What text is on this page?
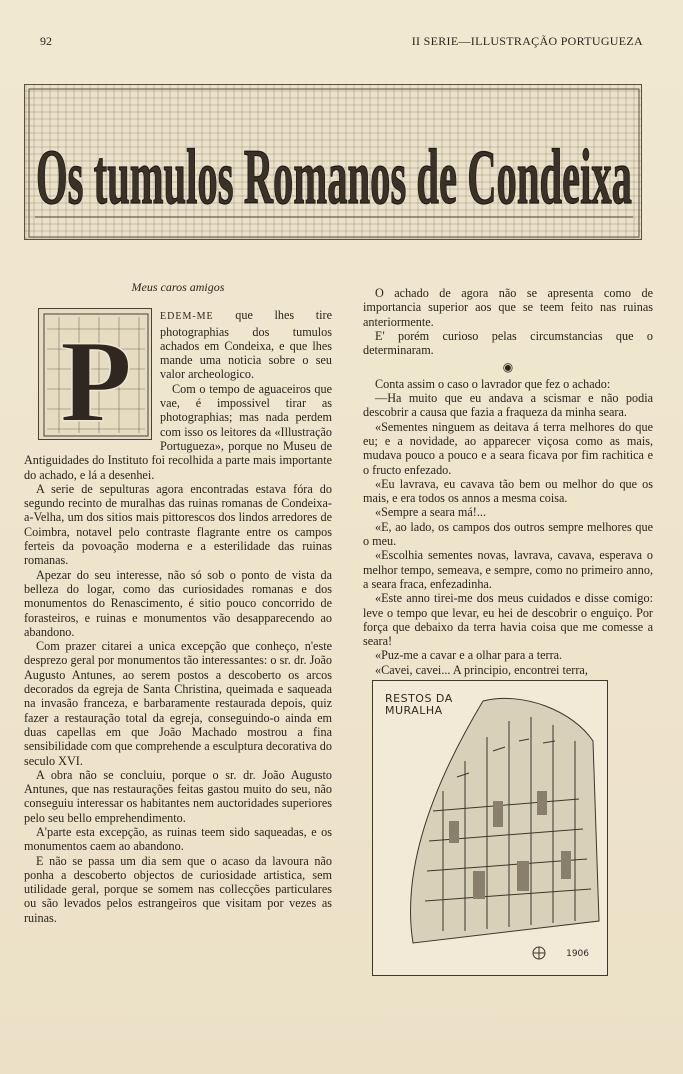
92	II SERIE—ILLUSTRAÇÃO PORTUGUEZA
Os tumulos Romanos de Condeixa
Meus caros amigos
P	EDEM-ME que lhes tire photographias dos tumulos achados em Condeixa, e que lhes mande uma noticia sobre o seu valor archeologico.

Com o tempo de aguaceiros que vae, é impossivel tirar as photographias; mas nada perdem com isso os leitores da «Illustração Portugueza», porque no Museu de Antiguidades do Instituto foi recolhida a parte mais importante do achado, e lá a desenhei.

A serie de sepulturas agora encontradas estava fóra do segundo recinto de muralhas das ruinas romanas de Condeixa-a-Velha, um dos sitios mais pittorescos dos lindos arredores de Coimbra, notavel pelo contraste flagrante entre os campos ferteis da povoação moderna e a esterilidade das ruinas romanas.

Apezar do seu interesse, não só sob o ponto de vista da belleza do logar, como das curiosidades romanas e dos monumentos do Renascimento, é sitio pouco concorrido de forasteiros, e ruinas e monumentos vão desapparecendo ao abandono.

Com prazer citarei a unica excepção que conheço, n'este desprezo geral por monumentos tão interessantes: o sr. dr. João Augusto Antunes, ao serem postos a descoberto os arcos decorados da egreja de Santa Christina, queimada e saqueada na invasão franceza, e barbaramente restaurada depois, quiz fazer a restauração total da egreja, conseguindo-o ainda em duas capellas em que João Machado mostrou a fina sensibilidade com que comprehende a esculptura decorativa do seculo XVI.

A obra não se concluiu, porque o sr. dr. João Augusto Antunes, que nas restaurações feitas gastou muito do seu, não conseguiu interessar os habitantes nem auctoridades superiores pelo seu bello emprehendimento.

A'parte esta excepção, as ruinas teem sido saqueadas, e os monumentos caem ao abandono.

E não se passa um dia sem que o acaso da lavoura não ponha a descoberto objectos de curiosidade artistica, sem utilidade geral, porque se somem nas collecções particulares ou são levados pelos estrangeiros que visitam por vezes as ruinas.

O achado de agora não se apresenta como de importancia superior aos que se teem feito nas ruinas anteriormente.

E' porém curioso pelas circumstancias que o determinaram.

◉

Conta assim o caso o lavrador que fez o achado:

—Ha muito que eu andava a scismar e não podia descobrir a causa que fazia a fraqueza da minha seara.

«Sementes ninguem as deitava á terra melhores do que eu; e a novidade, ao apparecer viçosa como as mais, mudava pouco a pouco e a seara ficava por fim rachitica e o fructo enfezado.

«Eu lavrava, eu cavava tão bem ou melhor do que os mais, e era todos os annos a mesma coisa.

«Sempre a seara má!...

«E, ao lado, os campos dos outros sempre melhores que o meu.

«Escolhia sementes novas, lavrava, cavava, esperava o melhor tempo, semeava, e sempre, como no primeiro anno, a seara fraca, enfezadinha.

«Este anno tirei-me dos meus cuidados e disse comigo: leve o tempo que levar, eu hei de descobrir o enguiço. Por força que debaixo da terra havia coisa que me comesse a seara!

«Puz-me a cavar e a olhar para a terra.

«Cavei, cavei... A principio, encontrei terra,

RESTOS DA MURALHA
1906
